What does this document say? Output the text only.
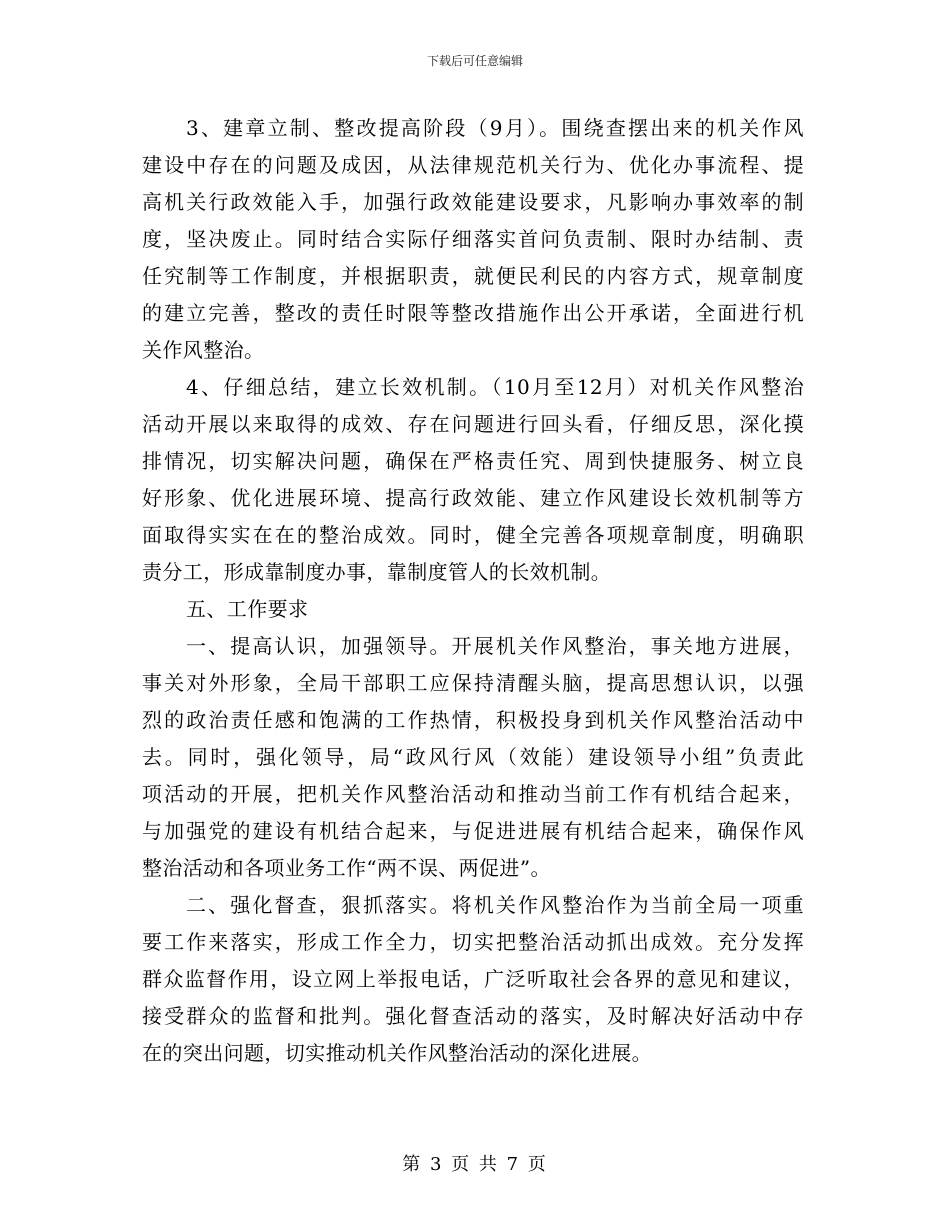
下载后可任意编辑
3、建章立制、整改提高阶段（9月）。围绕查摆出来的机关作风
建设中存在的问题及成因，从法律规范机关行为、优化办事流程、提
高机关行政效能入手，加强行政效能建设要求，凡影响办事效率的制
度，坚决废止。同时结合实际仔细落实首问负责制、限时办结制、责
任究制等工作制度，并根据职责，就便民利民的内容方式，规章制度
的建立完善，整改的责任时限等整改措施作出公开承诺，全面进行机
关作风整治。
4、仔细总结，建立长效机制。（10月至12月）对机关作风整治
活动开展以来取得的成效、存在问题进行回头看，仔细反思，深化摸
排情况，切实解决问题，确保在严格责任究、周到快捷服务、树立良
好形象、优化进展环境、提高行政效能、建立作风建设长效机制等方
面取得实实在在的整治成效。同时，健全完善各项规章制度，明确职
责分工，形成靠制度办事，靠制度管人的长效机制。
五、工作要求
一、提高认识，加强领导。开展机关作风整治，事关地方进展，
事关对外形象，全局干部职工应保持清醒头脑，提高思想认识，以强
烈的政治责任感和饱满的工作热情，积极投身到机关作风整治活动中
去。同时，强化领导，局“政风行风（效能）建设领导小组”负责此
项活动的开展，把机关作风整治活动和推动当前工作有机结合起来，
与加强党的建设有机结合起来，与促进进展有机结合起来，确保作风
整治活动和各项业务工作“两不误、两促进”。
二、强化督查，狠抓落实。将机关作风整治作为当前全局一项重
要工作来落实，形成工作全力，切实把整治活动抓出成效。充分发挥
群众监督作用，设立网上举报电话，广泛听取社会各界的意见和建议，
接受群众的监督和批判。强化督查活动的落实，及时解决好活动中存
在的突出问题，切实推动机关作风整治活动的深化进展。
第 3 页 共 7 页
